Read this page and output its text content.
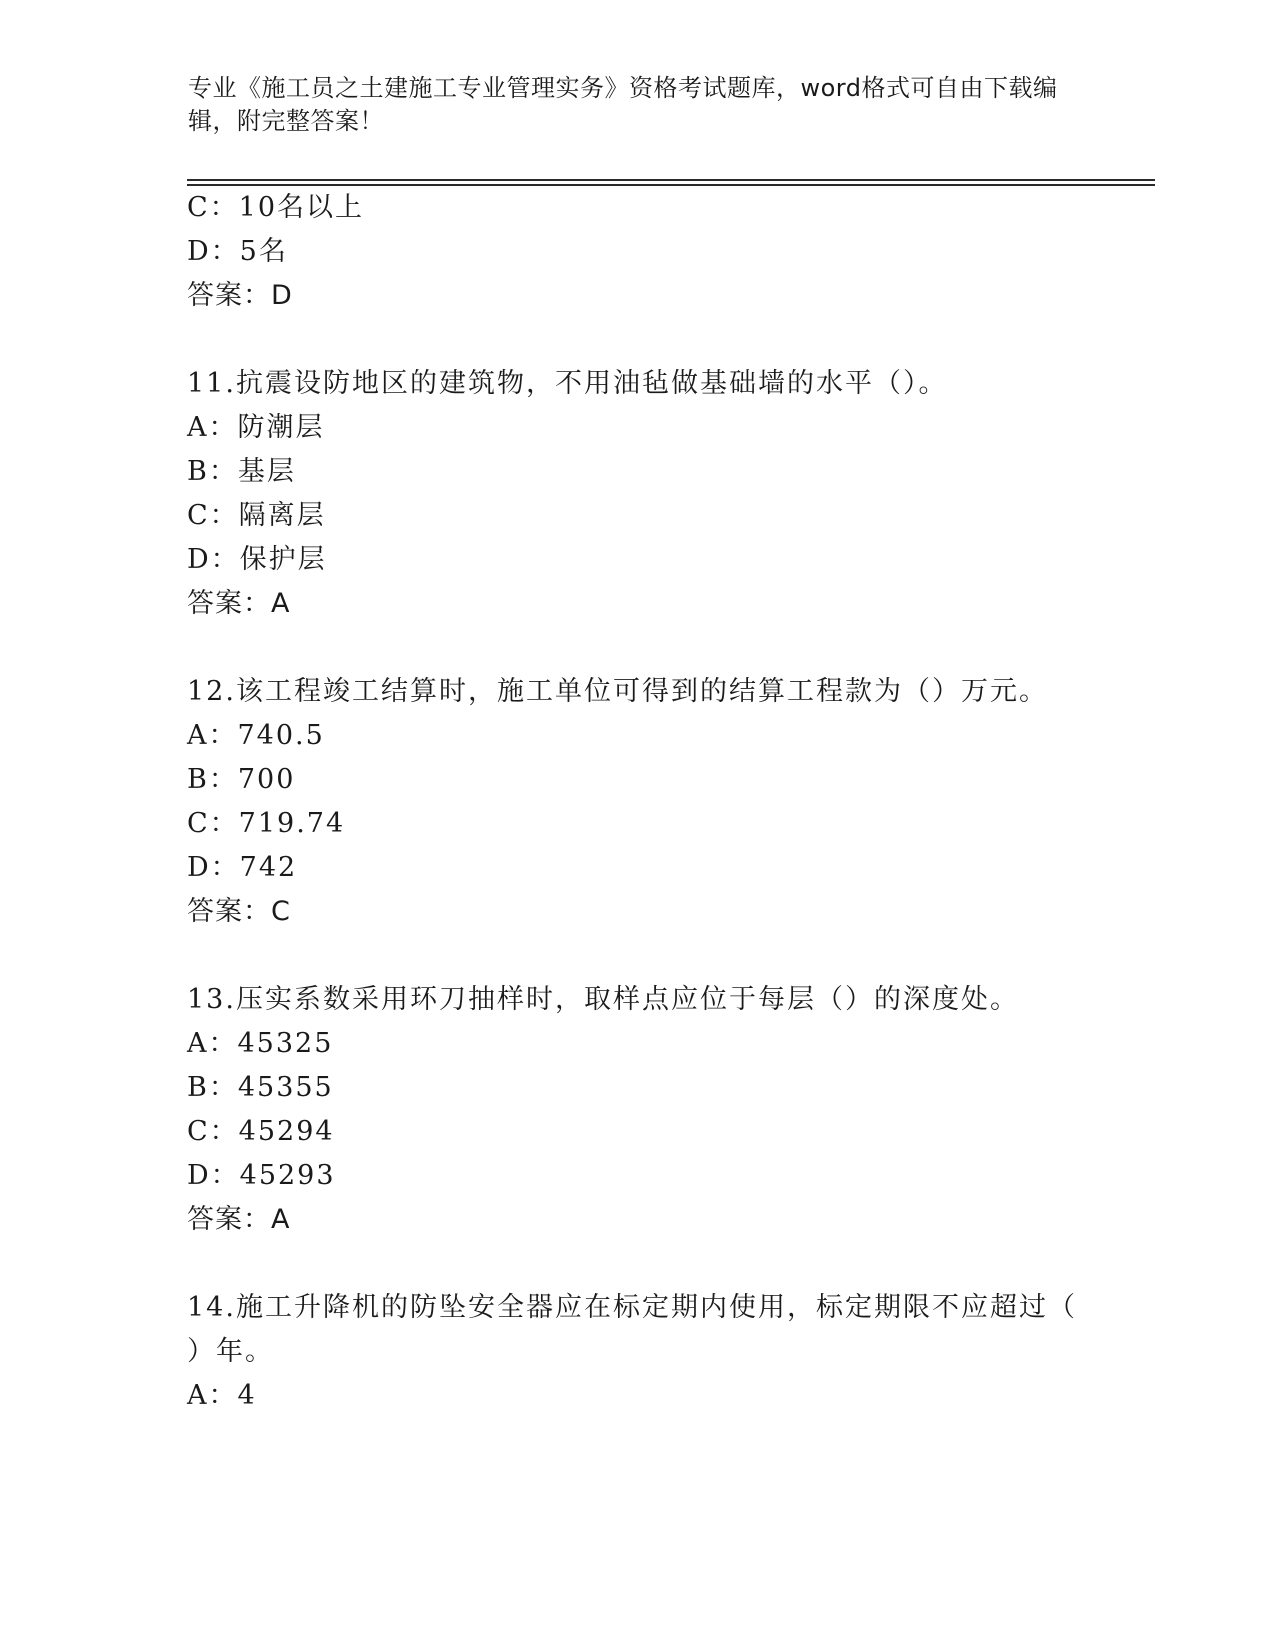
专业《施工员之土建施工专业管理实务》资格考试题库，word格式可自由下载编
辑，附完整答案！
C：10名以上
D：5名
答案：D
11.抗震设防地区的建筑物，不用油毡做基础墙的水平（）。
A：防潮层
B：基层
C：隔离层
D：保护层
答案：A
12.该工程竣工结算时，施工单位可得到的结算工程款为（）万元。
A：740.5
B：700
C：719.74
D：742
答案：C
13.压实系数采用环刀抽样时，取样点应位于每层（）的深度处。
A：45325
B：45355
C：45294
D：45293
答案：A
14.施工升降机的防坠安全器应在标定期内使用，标定期限不应超过（
）年。
A：4
